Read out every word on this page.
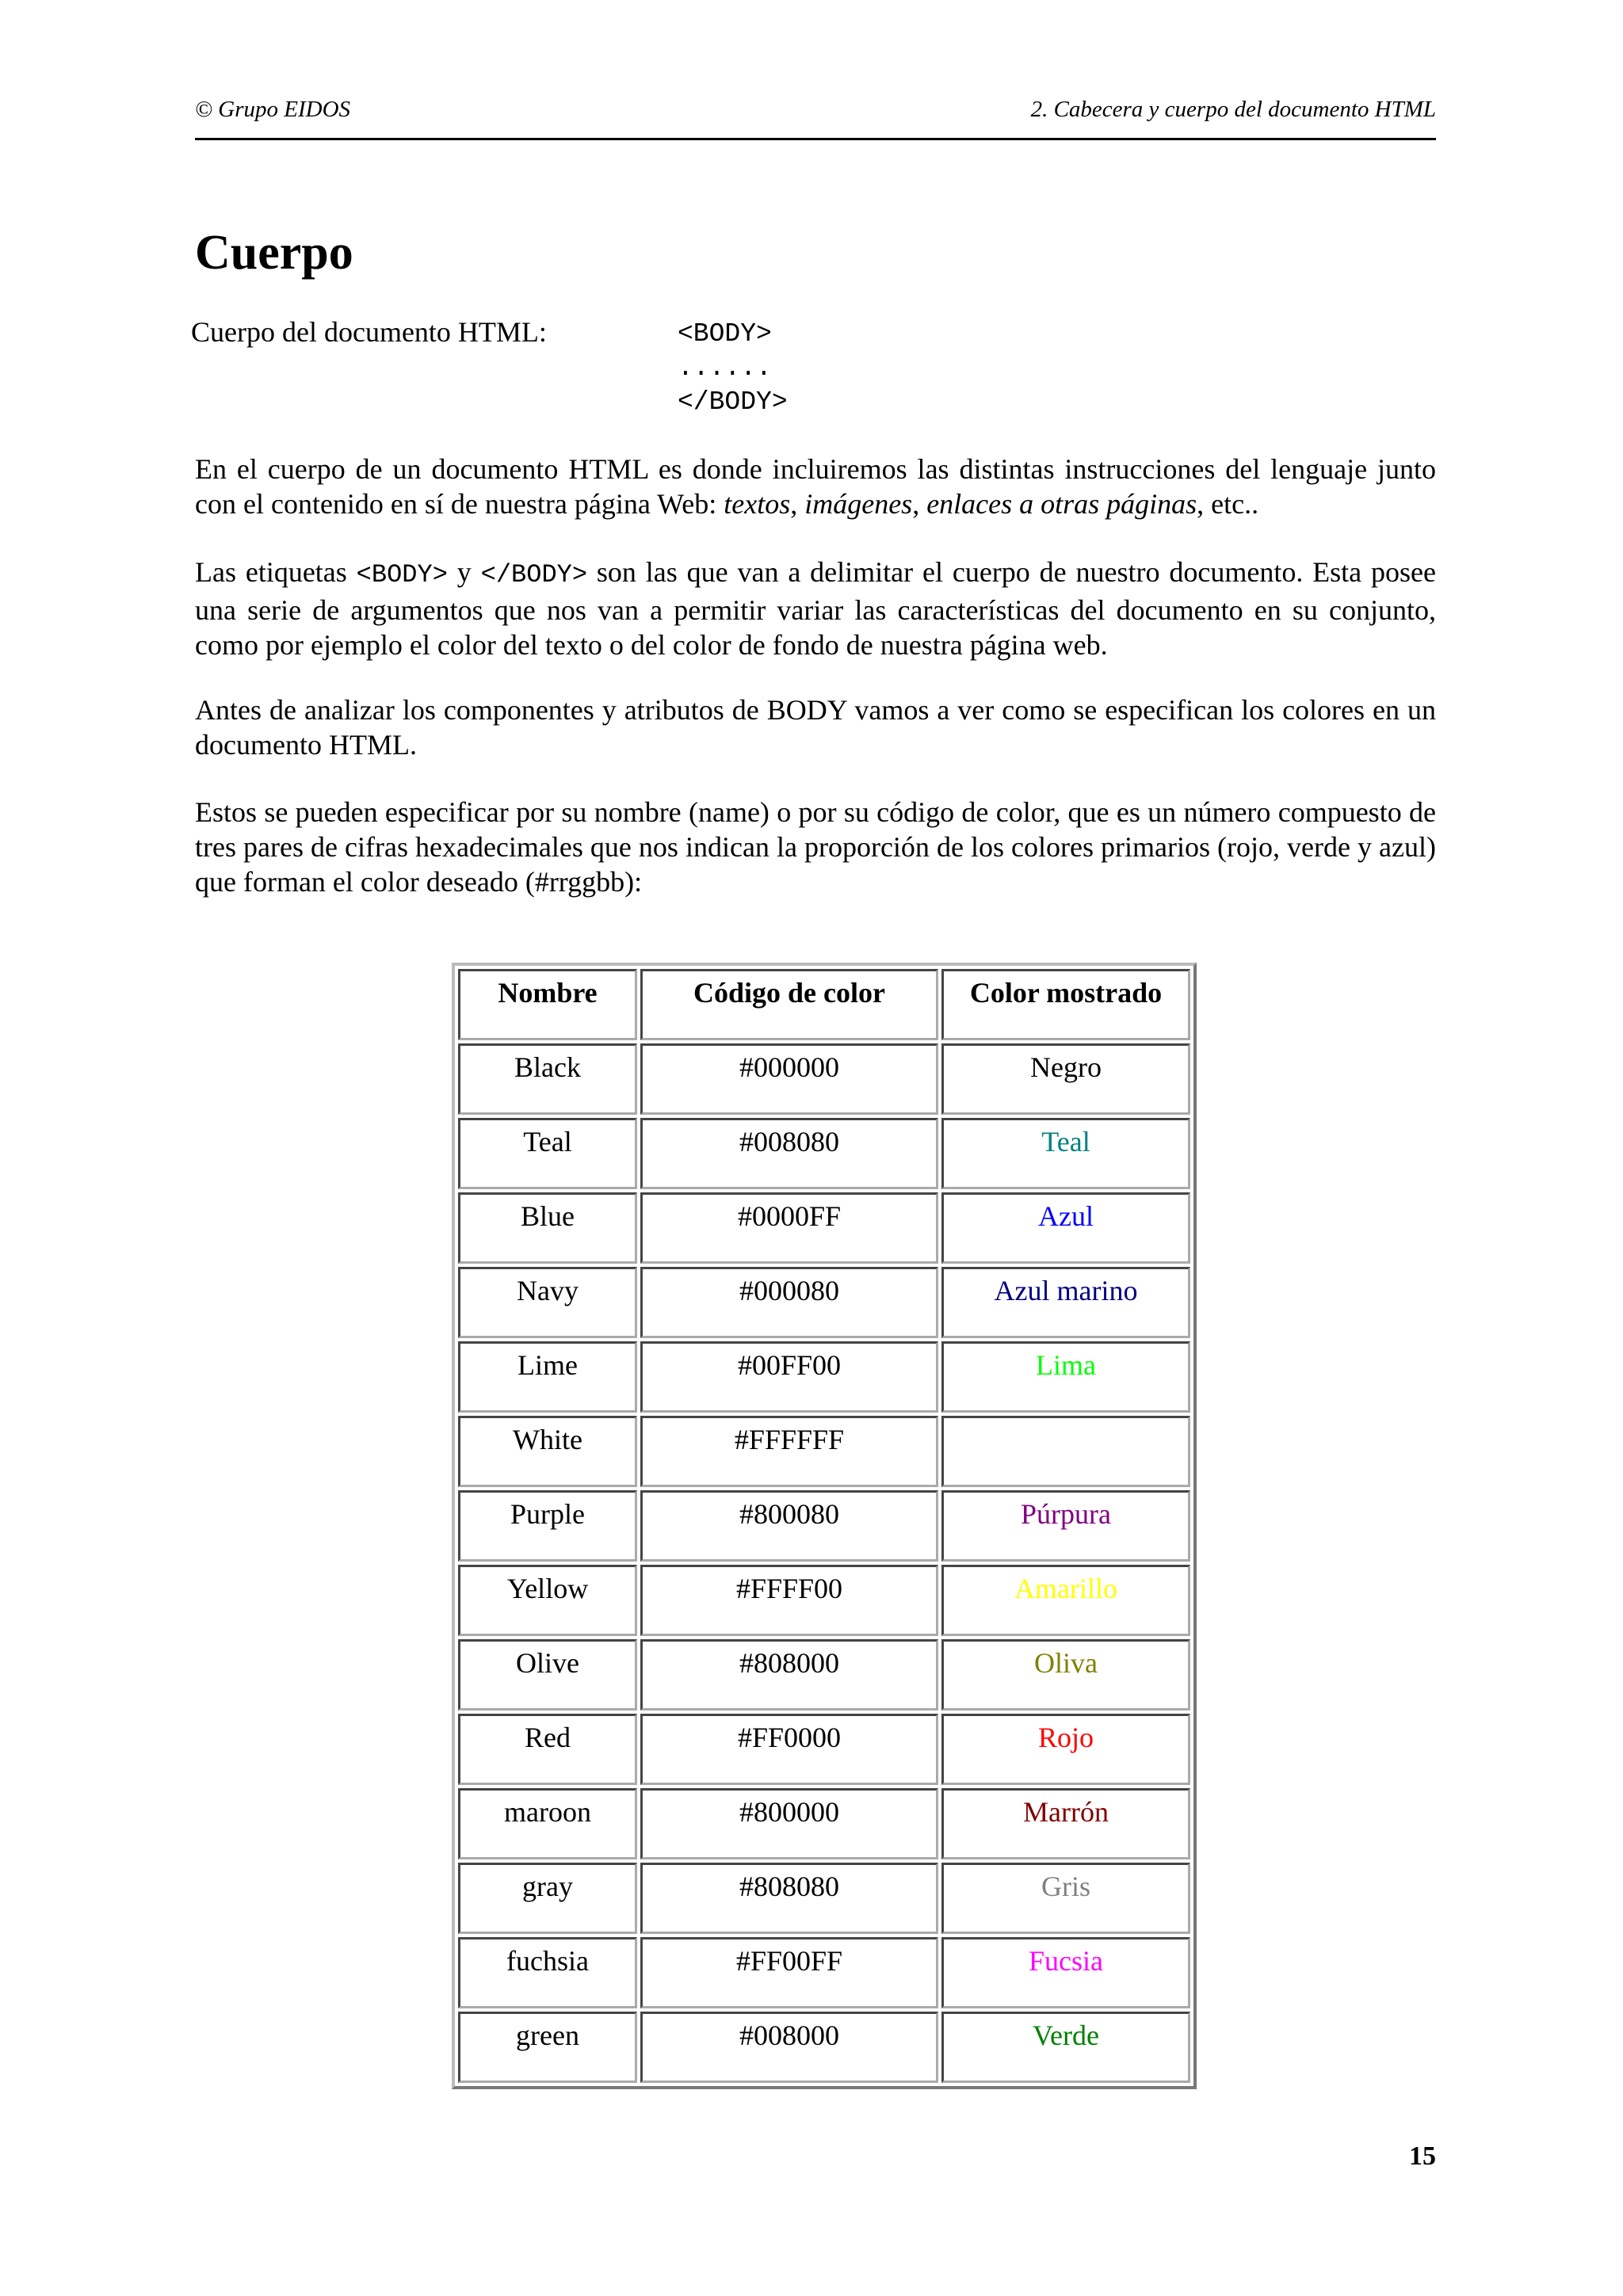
© Grupo EIDOS	2. Cabecera y cuerpo del documento HTML
Cuerpo
Cuerpo del documento HTML:	<BODY>
......
</BODY>

En el cuerpo de un documento HTML es donde incluiremos las distintas instrucciones del lenguaje junto con el contenido en sí de nuestra página Web: textos, imágenes, enlaces a otras páginas, etc..

Las etiquetas <BODY> y </BODY> son las que van a delimitar el cuerpo de nuestro documento. Esta posee una serie de argumentos que nos van a permitir variar las características del documento en su conjunto, como por ejemplo el color del texto o del color de fondo de nuestra página web.

Antes de analizar los componentes y atributos de BODY vamos a ver como se especifican los colores en un documento HTML.

Estos se pueden especificar por su nombre (name) o por su código de color, que es un número compuesto de tres pares de cifras hexadecimales que nos indican la proporción de los colores primarios (rojo, verde y azul) que forman el color deseado (#rrggbb):

Nombre	Código de color	Color mostrado
Black	#000000	Negro
Teal	#008080	Teal
Blue	#0000FF	Azul
Navy	#000080	Azul marino
Lime	#00FF00	Lima
White	#FFFFFF	
Purple	#800080	Púrpura
Yellow	#FFFF00	Amarillo
Olive	#808000	Oliva
Red	#FF0000	Rojo
maroon	#800000	Marrón
gray	#808080	Gris
fuchsia	#FF00FF	Fucsia
green	#008000	Verde
15
